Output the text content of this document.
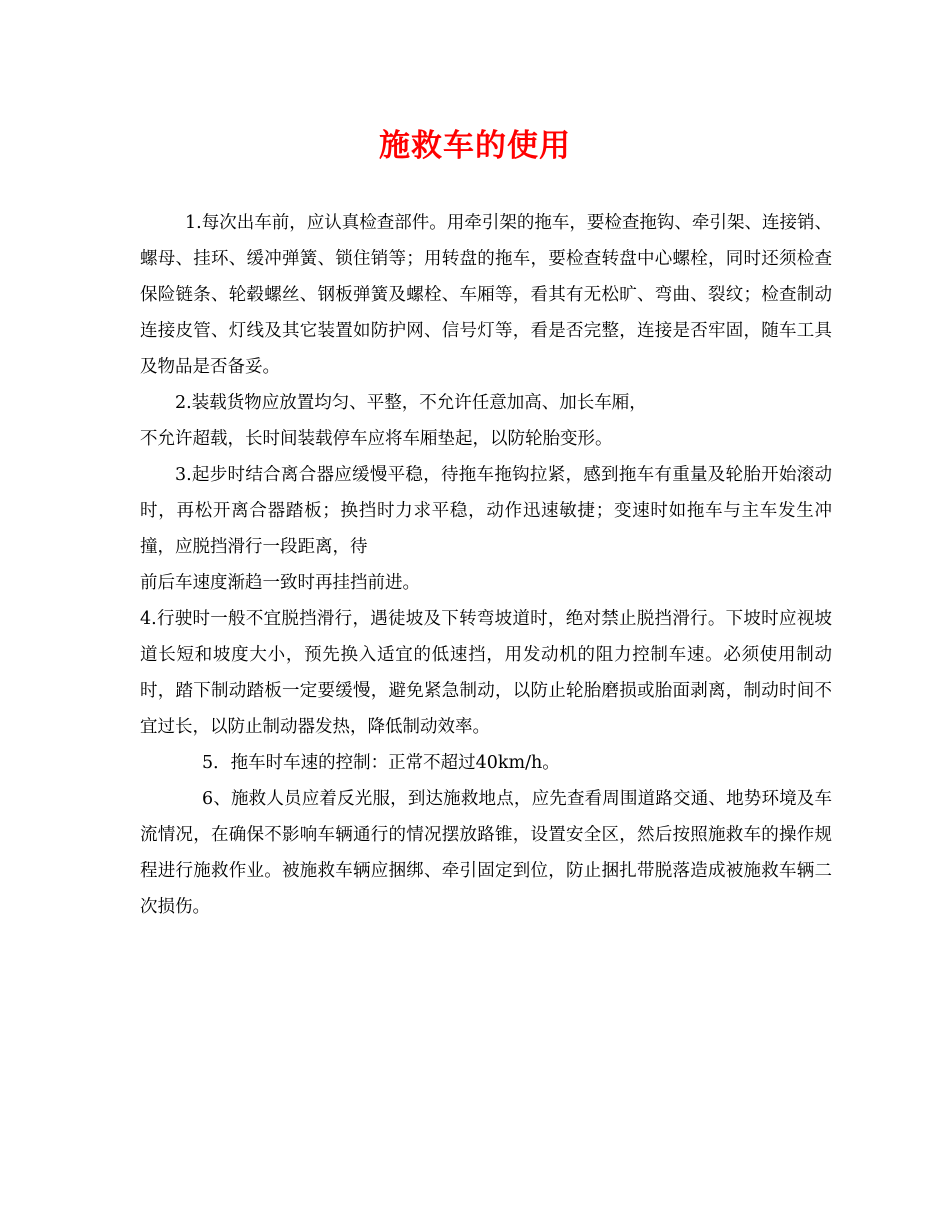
施救车的使用

1.每次出车前，应认真检查部件。用牵引架的拖车，要检查拖钩、牵引架、连接销、螺母、挂环、缓冲弹簧、锁住销等；用转盘的拖车，要检查转盘中心螺栓，同时还须检查保险链条、轮毂螺丝、钢板弹簧及螺栓、车厢等，看其有无松旷、弯曲、裂纹；检查制动连接皮管、灯线及其它装置如防护网、信号灯等，看是否完整，连接是否牢固，随车工具 及物品是否备妥。

2.装载货物应放置均匀、平整，不允许任意加高、加长车厢，

不允许超载，长时间装载停车应将车厢垫起，以防轮胎变形。

3.起步时结合离合器应缓慢平稳，待拖车拖钩拉紧，感到拖车有重量及轮胎开始滚动时，再松开离合器踏板；换挡时力求平稳，动作迅速敏捷；变速时如拖车与主车发生冲撞，应脱挡滑行一段距离，待

前后车速度渐趋一致时再挂挡前进。

4.行驶时一般不宜脱挡滑行，遇徒坡及下转弯坡道时，绝对禁止脱挡滑行。下坡时应视坡道长短和坡度大小，预先换入适宜的低速挡，用发动机的阻力控制车速。必须使用制动时，踏下制动踏板一定要缓慢，避免紧急制动，以防止轮胎磨损或胎面剥离，制动时间不宜过长，以防止制动器发热，降低制动效率。

5．拖车时车速的控制：正常不超过40km/h。

6、施救人员应着反光服，到达施救地点，应先查看周围道路交通、地势环境及车流情况，在确保不影响车辆通行的情况摆放路锥，设置安全区，然后按照施救车的操作规程进行施救作业。被施救车辆应捆绑、牵引固定到位，防止捆扎带脱落造成被施救车辆二次损伤。
